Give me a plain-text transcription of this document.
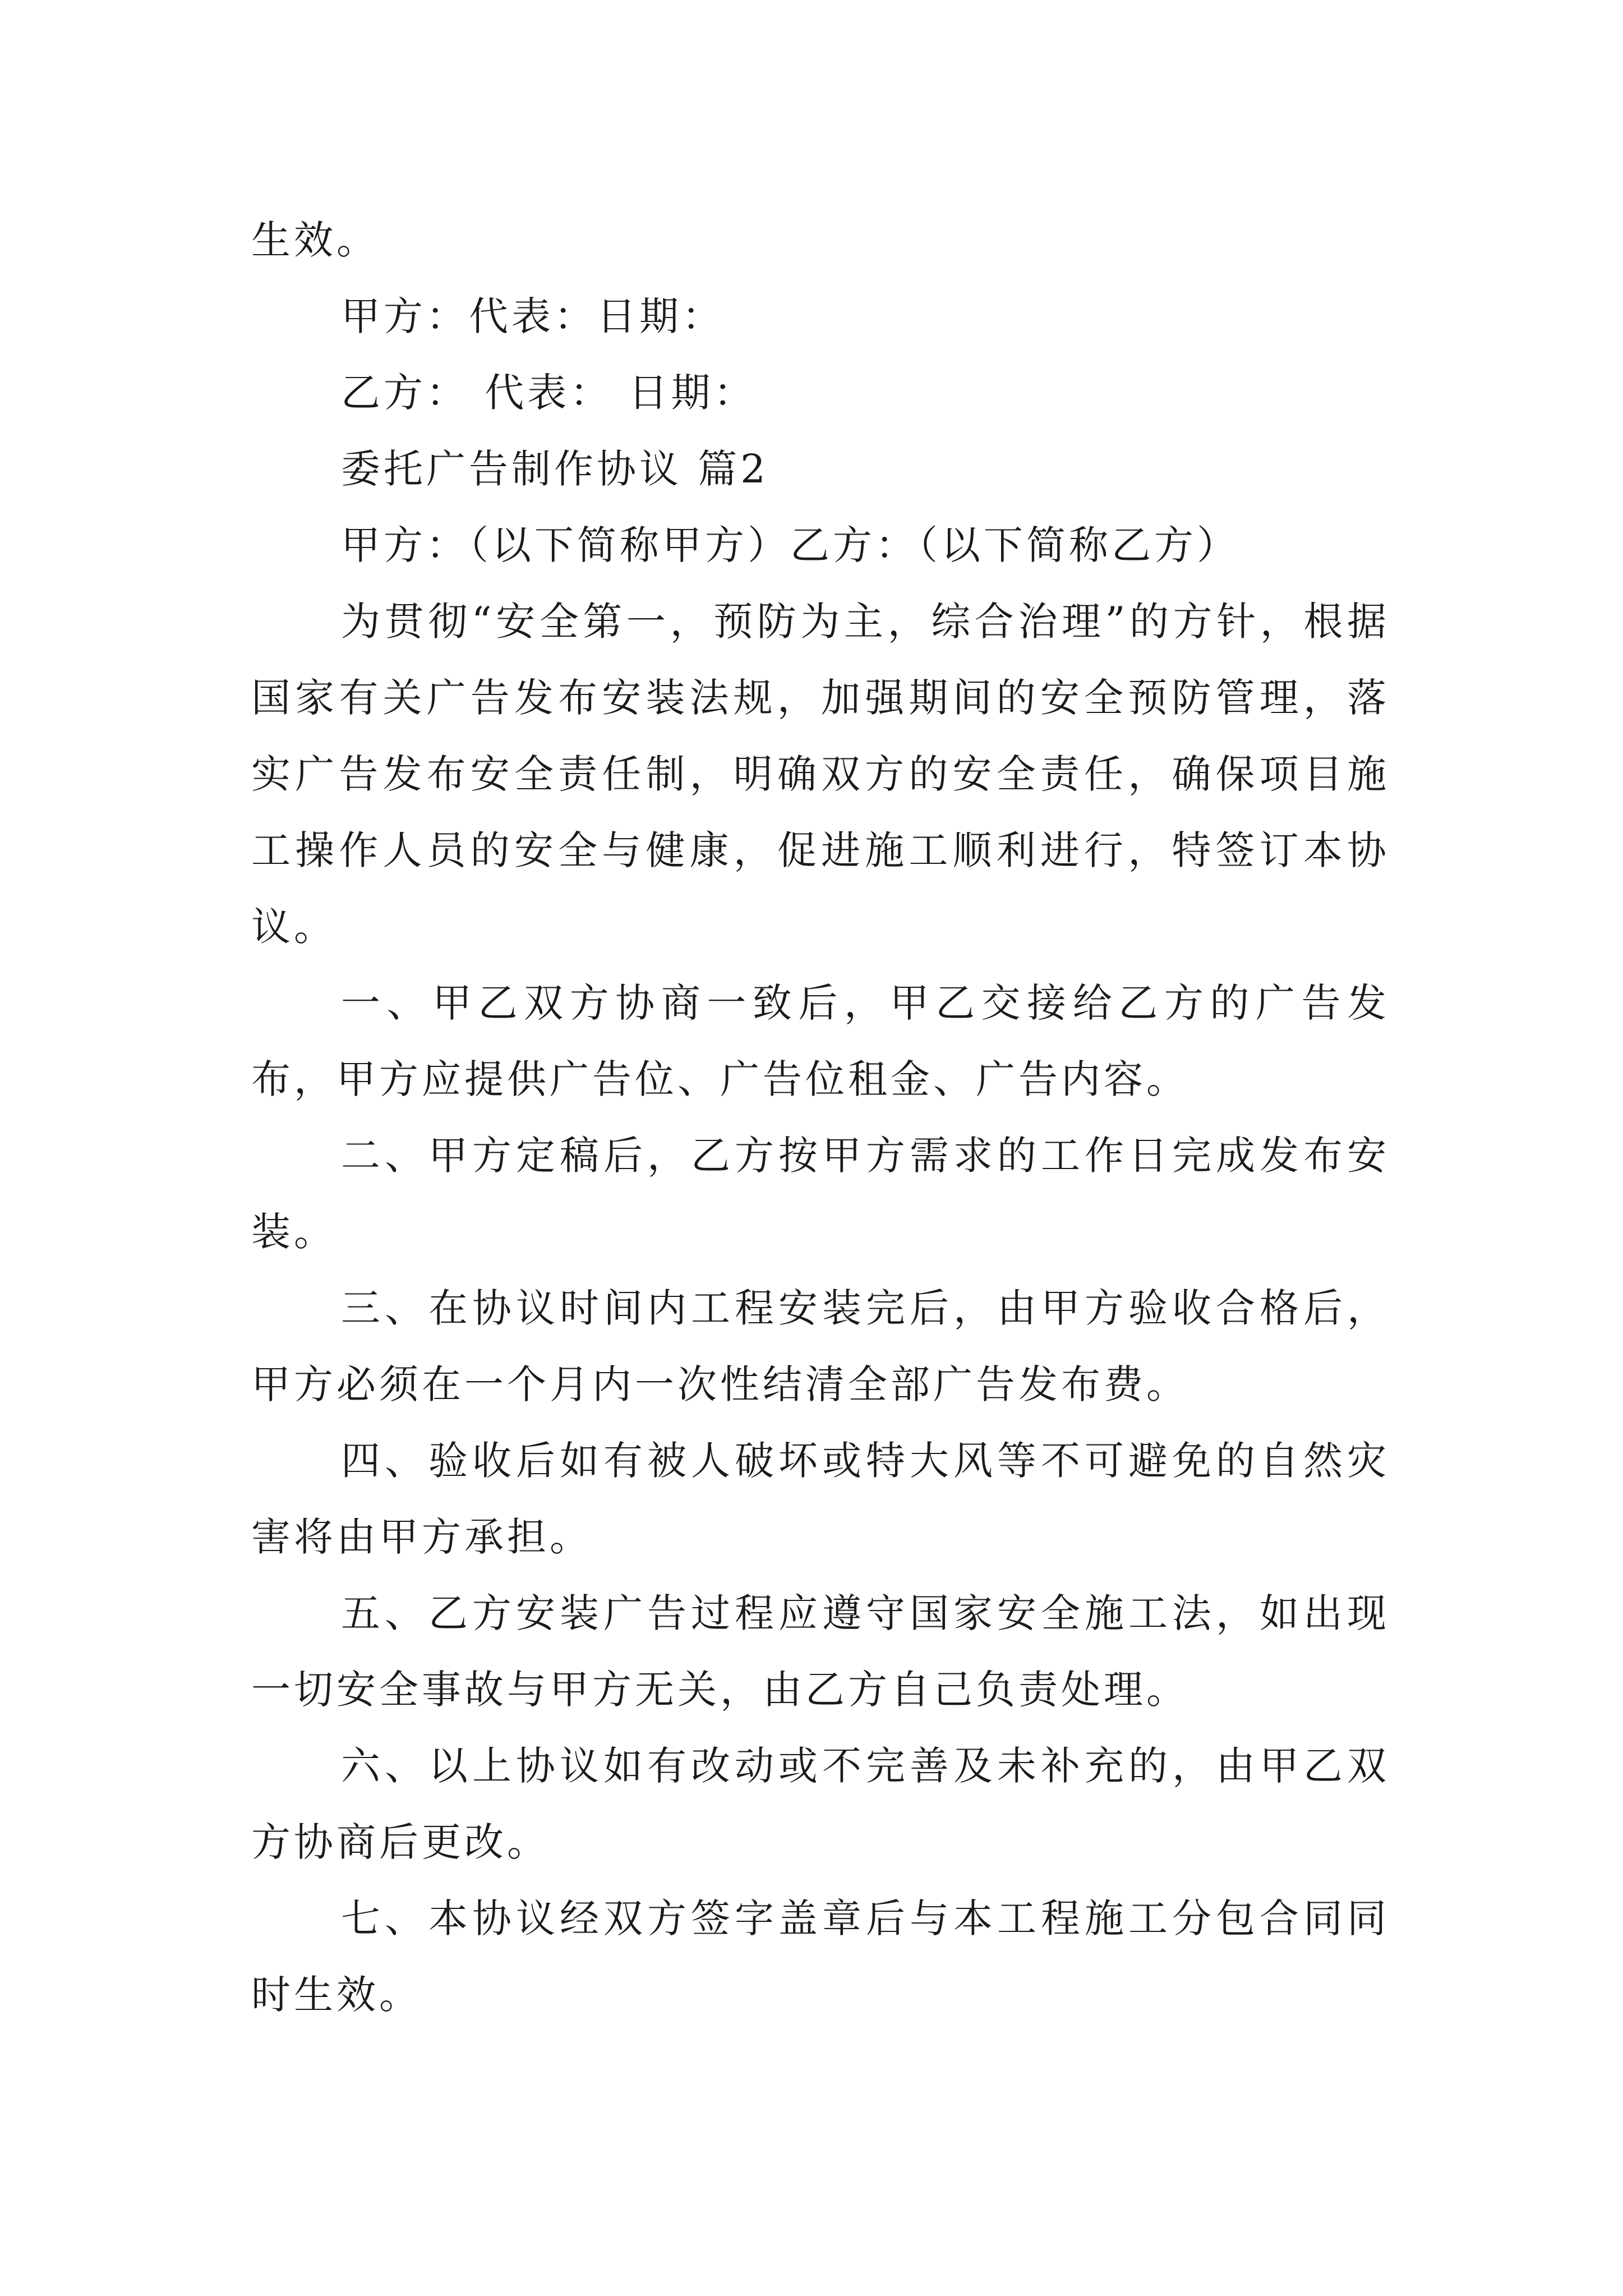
生效。

甲方：代表：日期：

乙方： 代表： 日期：

委托广告制作协议 篇2

甲方：（以下简称甲方）乙方：（以下简称乙方）

为贯彻“安全第一，预防为主，综合治理”的方针，根据国家有关广告发布安装法规，加强期间的安全预防管理，落实广告发布安全责任制，明确双方的安全责任，确保项目施工操作人员的安全与健康，促进施工顺利进行，特签订本协议。

一、甲乙双方协商一致后，甲乙交接给乙方的广告发布，甲方应提供广告位、广告位租金、广告内容。

二、甲方定稿后，乙方按甲方需求的工作日完成发布安装。

三、在协议时间内工程安装完后，由甲方验收合格后，甲方必须在一个月内一次性结清全部广告发布费。

四、验收后如有被人破坏或特大风等不可避免的自然灾害将由甲方承担。

五、乙方安装广告过程应遵守国家安全施工法，如出现一切安全事故与甲方无关，由乙方自己负责处理。

六、以上协议如有改动或不完善及未补充的，由甲乙双方协商后更改。

七、本协议经双方签字盖章后与本工程施工分包合同同时生效。
